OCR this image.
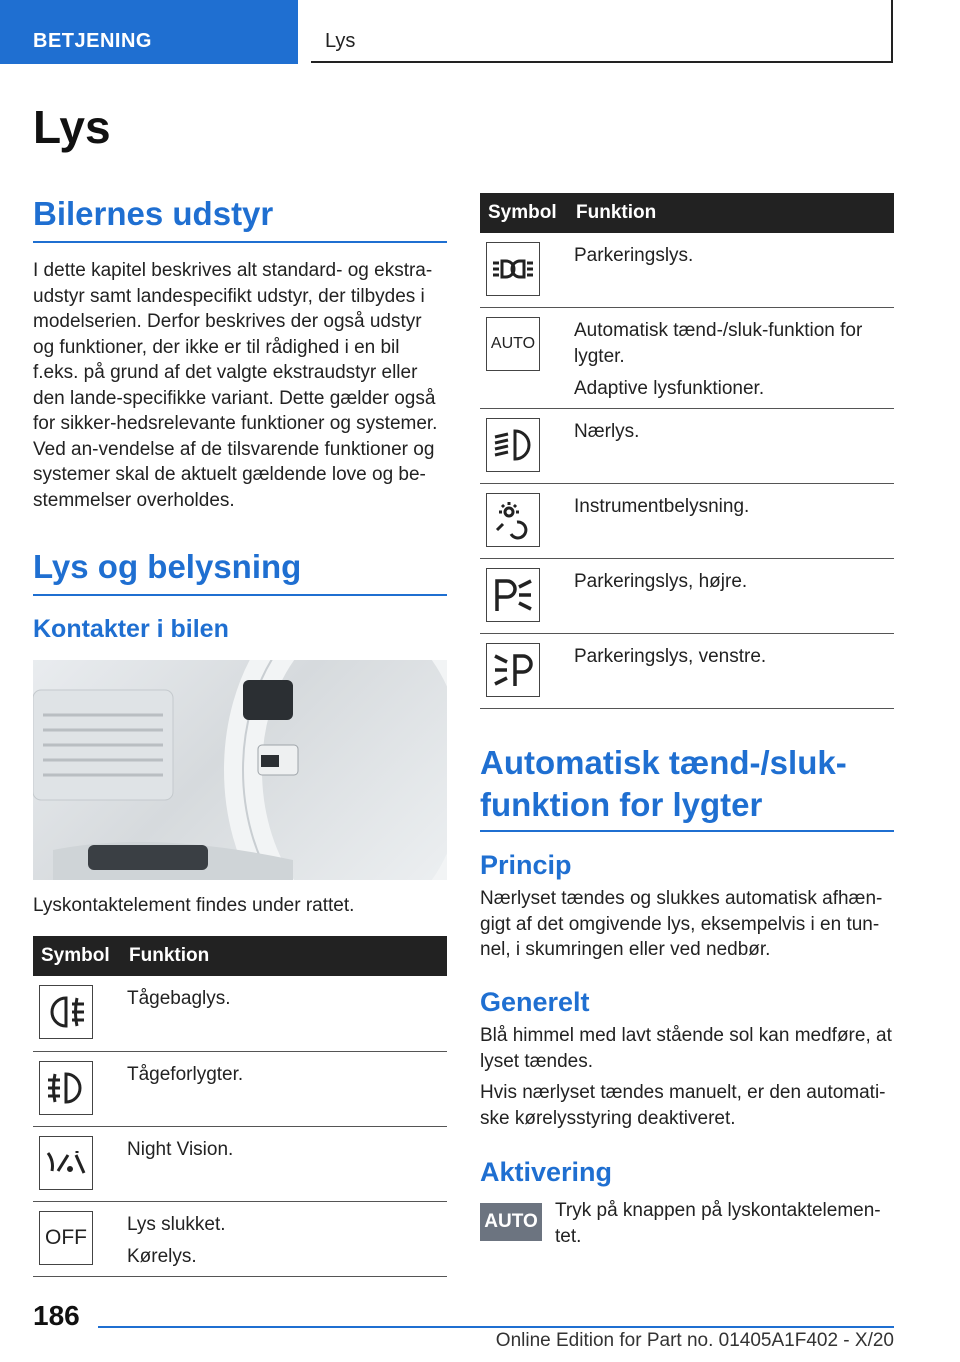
BETJENING	Lys
Lys
Bilernes udstyr

I dette kapitel beskrives alt standard- og ekstra-udstyr samt landespecifikt udstyr, der tilbydes i modelserien. Derfor beskrives der også udstyr og funktioner, der ikke er til rådighed i en bil f.eks. på grund af det valgte ekstraudstyr eller den lande-specifikke variant. Dette gælder også for sikker-hedsrelevante funktioner og systemer. Ved an-vendelse af de tilsvarende funktioner og systemer skal de aktuelt gældende love og be-stemmelser overholdes.

Lys og belysning
Kontakter i bilen

Lyskontaktelement findes under rattet.

Symbol	Funktion

Tågebaglys.

Tågeforlygter.

Night Vision.

OFF	Lys slukket.
Kørelys.
Symbol	Funktion

Parkeringslys.

AUTO	Automatisk tænd-/sluk-funktion for lygter.
Adaptive lysfunktioner.

Nærlys.

Instrumentbelysning.

Parkeringslys, højre.

Parkeringslys, venstre.
Automatisk tænd-/sluk-funktion for lygter
Princip

Nærlyset tændes og slukkes automatisk afhæn-gigt af det omgivende lys, eksempelvis i en tun-nel, i skumringen eller ved nedbør.

Generelt

Blå himmel med lavt stående sol kan medføre, at lyset tændes.

Hvis nærlyset tændes manuelt, er den automati-ske kørelysstyring deaktiveret.

Aktivering
AUTO

Tryk på knappen på lyskontaktelemen-tet.

186
Online Edition for Part no. 01405A1F402 - X/20
